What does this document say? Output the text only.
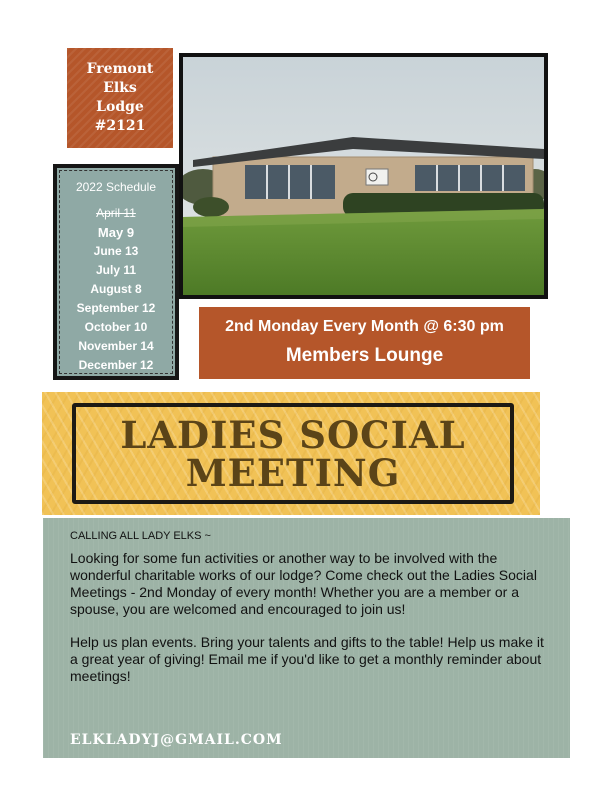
Fremont
Elks
Lodge
#2121
2022 Schedule
April 11
May 9
June 13
July 11
August 8
September 12
October 10
November 14
December 12
2nd Monday Every Month @ 6:30 pm
Members Lounge
LADIES SOCIAL
MEETING
CALLING ALL LADY ELKS ~
Looking for some fun activities or another way to be involved with the wonderful charitable works of our lodge? Come check out the Ladies Social Meetings - 2nd Monday of every month! Whether you are a member or a spouse, you are welcomed and encouraged to join us!
Help us plan events. Bring your talents and gifts to the table! Help us make it a great year of giving! Email me if you'd like to get a monthly reminder about meetings!
ELKLADYJ@GMAIL.COM
